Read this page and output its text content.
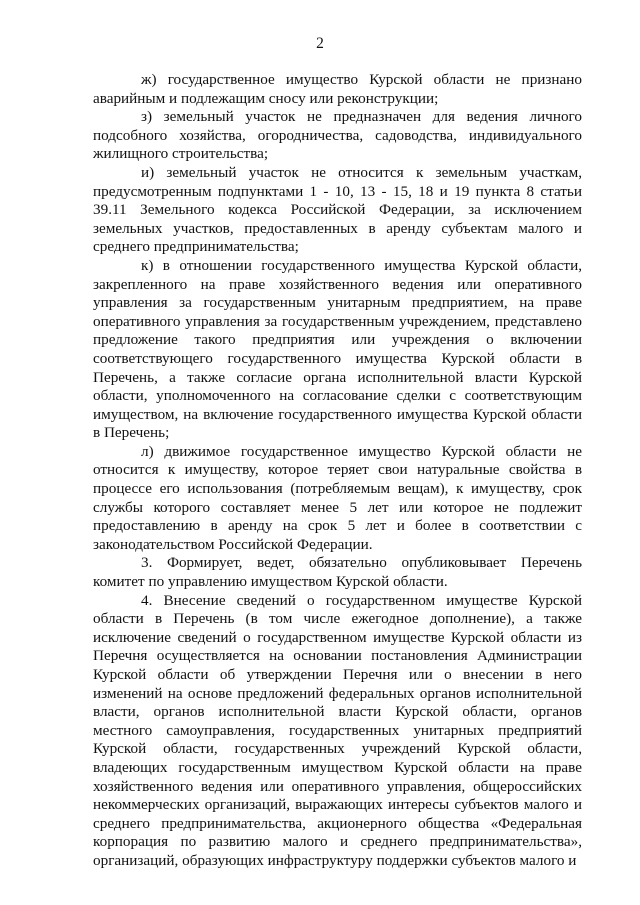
2

ж) государственное имущество Курской области не признано аварийным и подлежащим сносу или реконструкции;

з) земельный участок не предназначен для ведения личного подсобного хозяйства, огородничества, садоводства, индивидуального жилищного строительства;

и) земельный участок не относится к земельным участкам, предусмотренным подпунктами 1 - 10, 13 - 15, 18 и 19 пункта 8 статьи 39.11 Земельного кодекса Российской Федерации, за исключением земельных участков, предоставленных в аренду субъектам малого и среднего предпринимательства;

к) в отношении государственного имущества Курской области, закрепленного на праве хозяйственного ведения или оперативного управления за государственным унитарным предприятием, на праве оперативного управления за государственным учреждением, представлено предложение такого предприятия или учреждения о включении соответствующего государственного имущества Курской области в Перечень, а также согласие органа исполнительной власти Курской области, уполномоченного на согласование сделки с соответствующим имуществом, на включение государственного имущества Курской области в Перечень;

л) движимое государственное имущество Курской области не относится к имуществу, которое теряет свои натуральные свойства в процессе его использования (потребляемым вещам), к имуществу, срок службы которого составляет менее 5 лет или которое не подлежит предоставлению в аренду на срок 5 лет и более в соответствии с законодательством Российской Федерации.

3. Формирует, ведет, обязательно опубликовывает Перечень комитет по управлению имуществом Курской области.

4. Внесение сведений о государственном имуществе Курской области в Перечень (в том числе ежегодное дополнение), а также исключение сведений о государственном имуществе Курской области из Перечня осуществляется на основании постановления Администрации Курской области об утверждении Перечня или о внесении в него изменений на основе предложений федеральных органов исполнительной власти, органов исполнительной власти Курской области, органов местного самоуправления, государственных унитарных предприятий Курской области, государственных учреждений Курской области, владеющих государственным имуществом Курской области на праве хозяйственного ведения или оперативного управления, общероссийских некоммерческих организаций, выражающих интересы субъектов малого и среднего предпринимательства, акционерного общества «Федеральная корпорация по развитию малого и среднего предпринимательства», организаций, образующих инфраструктуру поддержки субъектов малого и
